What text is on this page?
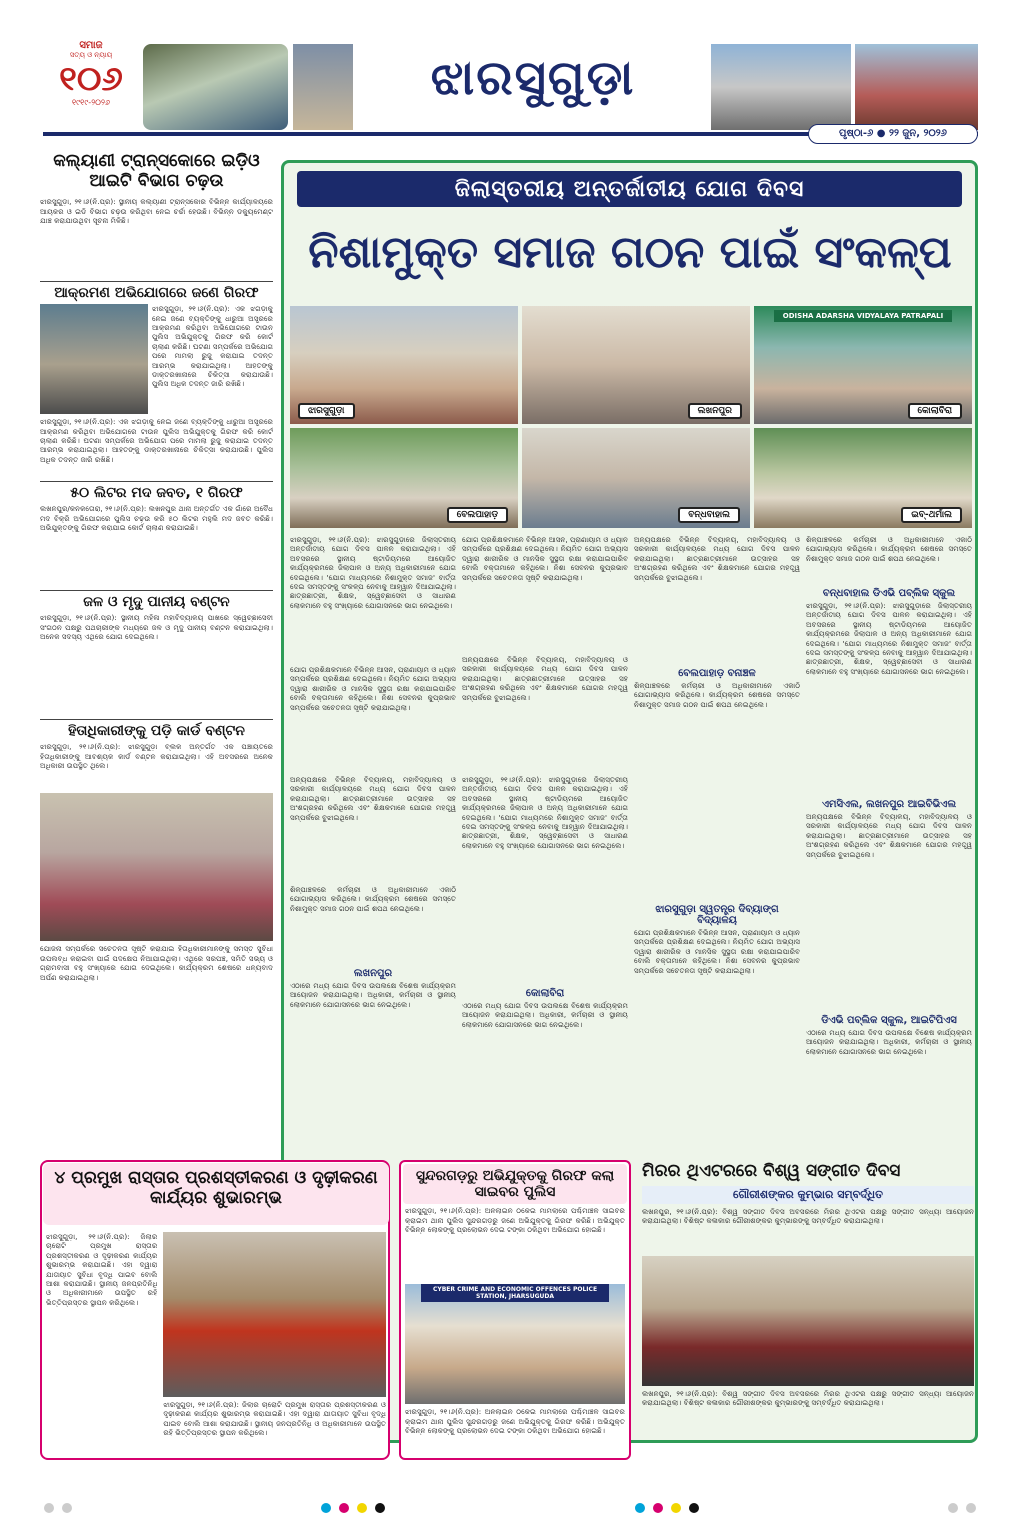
ସମାଜ
ସତ୍ୟ ଓ ନ୍ୟାୟ
୧୦୬
୧୯୧୯-୨୦୨୬	ଝାରସୁଗୁଡ଼ା
ପୃଷ୍ଠା-୬ ● ୨୨ ଜୁନ, ୨୦୨୬
କଲ୍ୟାଣୀ ଟ୍ରାନ୍ସକୋରେ ଇଡ଼ିଓ ଆଇଟି ବିଭାଗ ଚଢ଼ଉ
ଝାରସୁଗୁଡ଼ା, ୨୧।୬(ନି.ପ୍ର): ସ୍ଥାନୀୟ କଲ୍ୟାଣୀ ଟ୍ରାନ୍ସକୋର ବିଭିନ୍ନ କାର୍ଯ୍ୟାଳୟରେ ଆୟକର ଓ ଇଡି ବିଭାଗ ଚଢ଼ଉ କରିଥିବା ନେଇ ଚର୍ଚ୍ଚା ହେଉଛି। ବିଭିନ୍ନ ଡକ୍ୟୁମେଣ୍ଟ ଯାଞ୍ଚ କରାଯାଉଥିବା ସୂଚନା ମିଳିଛି।
ଆକ୍ରମଣ ଅଭିଯୋଗରେ ଜଣେ ଗିରଫ
ଝାରସୁଗୁଡ଼ା, ୨୧।୬(ନି.ପ୍ର): ଏକ ଝଗଡ଼ାକୁ ନେଇ ଜଣେ ବ୍ୟକ୍ତିଙ୍କୁ ଧାରୁଆ ଅସ୍ତ୍ରରେ ଆକ୍ରମଣ କରିଥିବା ଅଭିଯୋଗରେ ଟାଉନ ପୁଲିସ ଅଭିଯୁକ୍ତକୁ ଗିରଫ କରି କୋର୍ଟ ଚାଲାଣ କରିଛି। ଘଟଣା ସମ୍ପର୍କରେ ଅଭିଯୋଗ ପରେ ମାମଲା ରୁଜୁ କରାଯାଇ ତଦନ୍ତ ଆରମ୍ଭ କରାଯାଇଥିଲା। ଆହତଙ୍କୁ ଡାକ୍ତରଖାନାରେ ଚିକିତ୍ସା କରାଯାଉଛି। ପୁଲିସ ଅଧିକ ତଦନ୍ତ ଜାରି ରଖିଛି।
ଝାରସୁଗୁଡ଼ା, ୨୧।୬(ନି.ପ୍ର): ଏକ ଝଗଡ଼ାକୁ ନେଇ ଜଣେ ବ୍ୟକ୍ତିଙ୍କୁ ଧାରୁଆ ଅସ୍ତ୍ରରେ ଆକ୍ରମଣ କରିଥିବା ଅଭିଯୋଗରେ ଟାଉନ ପୁଲିସ ଅଭିଯୁକ୍ତକୁ ଗିରଫ କରି କୋର୍ଟ ଚାଲାଣ କରିଛି। ଘଟଣା ସମ୍ପର୍କରେ ଅଭିଯୋଗ ପରେ ମାମଲା ରୁଜୁ କରାଯାଇ ତଦନ୍ତ ଆରମ୍ଭ କରାଯାଇଥିଲା। ଆହତଙ୍କୁ ଡାକ୍ତରଖାନାରେ ଚିକିତ୍ସା କରାଯାଉଛି। ପୁଲିସ ଅଧିକ ତଦନ୍ତ ଜାରି ରଖିଛି।
୫୦ ଲିଟର ମଦ ଜବତ, ୧ ଗିରଫ
ଲଖନପୁର/କନକତୋରା, ୨୧।୬(ନି.ପ୍ର): ଲଖନପୁର ଥାନା ଅନ୍ତର୍ଗତ ଏକ ଗାଁରେ ଅବୈଧ ମଦ ବିକ୍ରି ଅଭିଯୋଗରେ ପୁଲିସ ଚଢ଼ଉ କରି ୫୦ ଲିଟର ମହୁଲି ମଦ ଜବତ କରିଛି। ଅଭିଯୁକ୍ତଙ୍କୁ ଗିରଫ କରାଯାଇ କୋର୍ଟ ଚାଲାଣ କରାଯାଇଛି।
ଜଳ ଓ ମୃଦୁ ପାନୀୟ ବଣ୍ଟନ
ଝାରସୁଗୁଡ଼ା, ୨୧।୬(ନି.ପ୍ର): ସ୍ଥାନୀୟ ମହିଳା ମହାବିଦ୍ୟାଳୟ ପାଖରେ ସ୍ୱେଚ୍ଛାସେବୀ ସଂଗଠନ ପକ୍ଷରୁ ପଥଚାରୀଙ୍କ ମଧ୍ୟରେ ଜଳ ଓ ମୃଦୁ ପାନୀୟ ବଣ୍ଟନ କରାଯାଇଥିଲା। ଅନେକ ସଦସ୍ୟ ଏଥିରେ ଯୋଗ ଦେଇଥିଲେ।
ହିତାଧିକାରୀଙ୍କୁ ପଡ଼ି କାର୍ଡ ବଣ୍ଟନ
ଝାରସୁଗୁଡ଼ା, ୨୧।୬(ନି.ପ୍ର): ଝାରସୁଗୁଡ଼ା ବ୍ଲକ ଅନ୍ତର୍ଗତ ଏକ ପଞ୍ଚାୟତରେ ହିତାଧିକାରୀଙ୍କୁ ଆବଶ୍ୟକ କାର୍ଡ ବଣ୍ଟନ କରାଯାଇଥିଲା। ଏହି ଅବସରରେ ଅନେକ ଅଧିକାରୀ ଉପସ୍ଥିତ ଥିଲେ।
ଯୋଜନା ସମ୍ପର୍କରେ ସଚେତନତା ସୃଷ୍ଟି କରାଯାଇ ହିତାଧିକାରୀମାନଙ୍କୁ ସମସ୍ତ ସୁବିଧା ଉପଲବ୍ଧ କରାଇବା ପାଇଁ ପଦକ୍ଷେପ ନିଆଯାଇଥିଲା। ଏଥିରେ ସରପଞ୍ଚ, ସମିତି ସଭ୍ୟ ଓ ଗ୍ରାମବାସୀ ବହୁ ସଂଖ୍ୟାରେ ଯୋଗ ଦେଇଥିଲେ। କାର୍ଯ୍ୟକ୍ରମ ଶେଷରେ ଧନ୍ୟବାଦ ଅର୍ପଣ କରାଯାଇଥିଲା।
ଜିଲାସ୍ତରୀୟ ଅନ୍ତର୍ଜାତୀୟ ଯୋଗ ଦିବସ
ନିଶାମୁକ୍ତ ସମାଜ ଗଠନ ପାଇଁ ସଂକଳ୍ପ
ଝାରସୁଗୁଡ଼ା	ଲଖନପୁର
ODISHA ADARSHA VIDYALAYA PATRAPALI
କୋଲାବିରା
ବେଲପାହାଡ଼	ବନ୍ଧବାହାଲ	ଇବ୍-ଥର୍ମାଲ
ଝାରସୁଗୁଡ଼ା, ୨୧।୬(ନି.ପ୍ର): ଝାରସୁଗୁଡ଼ାରେ ଜିଲାସ୍ତରୀୟ ଅନ୍ତର୍ଜାତୀୟ ଯୋଗ ଦିବସ ପାଳନ କରାଯାଇଥିଲା। ଏହି ଅବସରରେ ସ୍ଥାନୀୟ ଷ୍ଟାଡିୟମରେ ଆୟୋଜିତ କାର୍ଯ୍ୟକ୍ରମରେ ଜିଲାପାଳ ଓ ଅନ୍ୟ ଅଧିକାରୀମାନେ ଯୋଗ ଦେଇଥିଲେ। 'ଯୋଗ ମାଧ୍ୟମରେ ନିଶାମୁକ୍ତ ସମାଜ' ବାର୍ତ୍ତା ଦେଇ ସମସ୍ତଙ୍କୁ ସଂକଳ୍ପ ନେବାକୁ ଆହ୍ୱାନ ଦିଆଯାଇଥିଲା। ଛାତ୍ରଛାତ୍ରୀ, ଶିକ୍ଷକ, ସ୍ୱେଚ୍ଛାସେବୀ ଓ ସାଧାରଣ ଲୋକମାନେ ବହୁ ସଂଖ୍ୟାରେ ଯୋଗାସନରେ ଭାଗ ନେଇଥିଲେ।
ଯୋଗ ପ୍ରଶିକ୍ଷକମାନେ ବିଭିନ୍ନ ଆସନ, ପ୍ରାଣାୟାମ ଓ ଧ୍ୟାନ ସମ୍ପର୍କରେ ପ୍ରଶିକ୍ଷଣ ଦେଇଥିଲେ। ନିୟମିତ ଯୋଗ ଅଭ୍ୟାସ ଦ୍ୱାରା ଶାରୀରିକ ଓ ମାନସିକ ସୁସ୍ଥତା ରକ୍ଷା କରାଯାଇପାରିବ ବୋଲି ବକ୍ତାମାନେ କହିଥିଲେ। ନିଶା ସେବନର କୁପ୍ରଭାବ ସମ୍ପର୍କରେ ସଚେତନତା ସୃଷ୍ଟି କରାଯାଇଥିଲା।
ଅନ୍ୟପକ୍ଷରେ ବିଭିନ୍ନ ବିଦ୍ୟାଳୟ, ମହାବିଦ୍ୟାଳୟ ଓ ସରକାରୀ କାର୍ଯ୍ୟାଳୟରେ ମଧ୍ୟ ଯୋଗ ଦିବସ ପାଳନ କରାଯାଇଥିଲା। ଛାତ୍ରଛାତ୍ରୀମାନେ ଉତ୍ସାହର ସହ ଅଂଶଗ୍ରହଣ କରିଥିଲେ ଏବଂ ଶିକ୍ଷକମାନେ ଯୋଗର ମହତ୍ତ୍ୱ ସମ୍ପର୍କରେ ବୁଝାଇଥିଲେ।
ଶିଳ୍ପାଞ୍ଚଳରେ କର୍ମଚାରୀ ଓ ଅଧିକାରୀମାନେ ଏକାଠି ଯୋଗାଭ୍ୟାସ କରିଥିଲେ। କାର୍ଯ୍ୟକ୍ରମ ଶେଷରେ ସମସ୍ତେ ନିଶାମୁକ୍ତ ସମାଜ ଗଠନ ପାଇଁ ଶପଥ ନେଇଥିଲେ।
ଲଖନପୁର
ଏଠାରେ ମଧ୍ୟ ଯୋଗ ଦିବସ ଉପଲକ୍ଷେ ବିଶେଷ କାର୍ଯ୍ୟକ୍ରମ ଆୟୋଜନ କରାଯାଇଥିଲା। ଅଧିକାରୀ, କର୍ମଚାରୀ ଓ ସ୍ଥାନୀୟ ଲୋକମାନେ ଯୋଗାସନରେ ଭାଗ ନେଇଥିଲେ।
ଯୋଗ ପ୍ରଶିକ୍ଷକମାନେ ବିଭିନ୍ନ ଆସନ, ପ୍ରାଣାୟାମ ଓ ଧ୍ୟାନ ସମ୍ପର୍କରେ ପ୍ରଶିକ୍ଷଣ ଦେଇଥିଲେ। ନିୟମିତ ଯୋଗ ଅଭ୍ୟାସ ଦ୍ୱାରା ଶାରୀରିକ ଓ ମାନସିକ ସୁସ୍ଥତା ରକ୍ଷା କରାଯାଇପାରିବ ବୋଲି ବକ୍ତାମାନେ କହିଥିଲେ। ନିଶା ସେବନର କୁପ୍ରଭାବ ସମ୍ପର୍କରେ ସଚେତନତା ସୃଷ୍ଟି କରାଯାଇଥିଲା।
ଅନ୍ୟପକ୍ଷରେ ବିଭିନ୍ନ ବିଦ୍ୟାଳୟ, ମହାବିଦ୍ୟାଳୟ ଓ ସରକାରୀ କାର୍ଯ୍ୟାଳୟରେ ମଧ୍ୟ ଯୋଗ ଦିବସ ପାଳନ କରାଯାଇଥିଲା। ଛାତ୍ରଛାତ୍ରୀମାନେ ଉତ୍ସାହର ସହ ଅଂଶଗ୍ରହଣ କରିଥିଲେ ଏବଂ ଶିକ୍ଷକମାନେ ଯୋଗର ମହତ୍ତ୍ୱ ସମ୍ପର୍କରେ ବୁଝାଇଥିଲେ।
ଝାରସୁଗୁଡ଼ା, ୨୧।୬(ନି.ପ୍ର): ଝାରସୁଗୁଡ଼ାରେ ଜିଲାସ୍ତରୀୟ ଅନ୍ତର୍ଜାତୀୟ ଯୋଗ ଦିବସ ପାଳନ କରାଯାଇଥିଲା। ଏହି ଅବସରରେ ସ୍ଥାନୀୟ ଷ୍ଟାଡିୟମରେ ଆୟୋଜିତ କାର୍ଯ୍ୟକ୍ରମରେ ଜିଲାପାଳ ଓ ଅନ୍ୟ ଅଧିକାରୀମାନେ ଯୋଗ ଦେଇଥିଲେ। 'ଯୋଗ ମାଧ୍ୟମରେ ନିଶାମୁକ୍ତ ସମାଜ' ବାର୍ତ୍ତା ଦେଇ ସମସ୍ତଙ୍କୁ ସଂକଳ୍ପ ନେବାକୁ ଆହ୍ୱାନ ଦିଆଯାଇଥିଲା। ଛାତ୍ରଛାତ୍ରୀ, ଶିକ୍ଷକ, ସ୍ୱେଚ୍ଛାସେବୀ ଓ ସାଧାରଣ ଲୋକମାନେ ବହୁ ସଂଖ୍ୟାରେ ଯୋଗାସନରେ ଭାଗ ନେଇଥିଲେ।
କୋଲାବିରା
ଏଠାରେ ମଧ୍ୟ ଯୋଗ ଦିବସ ଉପଲକ୍ଷେ ବିଶେଷ କାର୍ଯ୍ୟକ୍ରମ ଆୟୋଜନ କରାଯାଇଥିଲା। ଅଧିକାରୀ, କର୍ମଚାରୀ ଓ ସ୍ଥାନୀୟ ଲୋକମାନେ ଯୋଗାସନରେ ଭାଗ ନେଇଥିଲେ।
ଅନ୍ୟପକ୍ଷରେ ବିଭିନ୍ନ ବିଦ୍ୟାଳୟ, ମହାବିଦ୍ୟାଳୟ ଓ ସରକାରୀ କାର୍ଯ୍ୟାଳୟରେ ମଧ୍ୟ ଯୋଗ ଦିବସ ପାଳନ କରାଯାଇଥିଲା। ଛାତ୍ରଛାତ୍ରୀମାନେ ଉତ୍ସାହର ସହ ଅଂଶଗ୍ରହଣ କରିଥିଲେ ଏବଂ ଶିକ୍ଷକମାନେ ଯୋଗର ମହତ୍ତ୍ୱ ସମ୍ପର୍କରେ ବୁଝାଇଥିଲେ।
ବେଲପାହାଡ଼ ବନାଞ୍ଚଳ
ଶିଳ୍ପାଞ୍ଚଳରେ କର୍ମଚାରୀ ଓ ଅଧିକାରୀମାନେ ଏକାଠି ଯୋଗାଭ୍ୟାସ କରିଥିଲେ। କାର୍ଯ୍ୟକ୍ରମ ଶେଷରେ ସମସ୍ତେ ନିଶାମୁକ୍ତ ସମାଜ ଗଠନ ପାଇଁ ଶପଥ ନେଇଥିଲେ।
ଝାରସୁଗୁଡ଼ା ସ୍ୱତନ୍ତ୍ର ଦିବ୍ୟାଙ୍ଗ ବିଦ୍ୟାଳୟ
ଯୋଗ ପ୍ରଶିକ୍ଷକମାନେ ବିଭିନ୍ନ ଆସନ, ପ୍ରାଣାୟାମ ଓ ଧ୍ୟାନ ସମ୍ପର୍କରେ ପ୍ରଶିକ୍ଷଣ ଦେଇଥିଲେ। ନିୟମିତ ଯୋଗ ଅଭ୍ୟାସ ଦ୍ୱାରା ଶାରୀରିକ ଓ ମାନସିକ ସୁସ୍ଥତା ରକ୍ଷା କରାଯାଇପାରିବ ବୋଲି ବକ୍ତାମାନେ କହିଥିଲେ। ନିଶା ସେବନର କୁପ୍ରଭାବ ସମ୍ପର୍କରେ ସଚେତନତା ସୃଷ୍ଟି କରାଯାଇଥିଲା।
ଶିଳ୍ପାଞ୍ଚଳରେ କର୍ମଚାରୀ ଓ ଅଧିକାରୀମାନେ ଏକାଠି ଯୋଗାଭ୍ୟାସ କରିଥିଲେ। କାର୍ଯ୍ୟକ୍ରମ ଶେଷରେ ସମସ୍ତେ ନିଶାମୁକ୍ତ ସମାଜ ଗଠନ ପାଇଁ ଶପଥ ନେଇଥିଲେ।
ବନ୍ଧବାହାଲ ଡିଏଭି ପବ୍ଲିକ ସ୍କୁଲ
ଝାରସୁଗୁଡ଼ା, ୨୧।୬(ନି.ପ୍ର): ଝାରସୁଗୁଡ଼ାରେ ଜିଲାସ୍ତରୀୟ ଅନ୍ତର୍ଜାତୀୟ ଯୋଗ ଦିବସ ପାଳନ କରାଯାଇଥିଲା। ଏହି ଅବସରରେ ସ୍ଥାନୀୟ ଷ୍ଟାଡିୟମରେ ଆୟୋଜିତ କାର୍ଯ୍ୟକ୍ରମରେ ଜିଲାପାଳ ଓ ଅନ୍ୟ ଅଧିକାରୀମାନେ ଯୋଗ ଦେଇଥିଲେ। 'ଯୋଗ ମାଧ୍ୟମରେ ନିଶାମୁକ୍ତ ସମାଜ' ବାର୍ତ୍ତା ଦେଇ ସମସ୍ତଙ୍କୁ ସଂକଳ୍ପ ନେବାକୁ ଆହ୍ୱାନ ଦିଆଯାଇଥିଲା। ଛାତ୍ରଛାତ୍ରୀ, ଶିକ୍ଷକ, ସ୍ୱେଚ୍ଛାସେବୀ ଓ ସାଧାରଣ ଲୋକମାନେ ବହୁ ସଂଖ୍ୟାରେ ଯୋଗାସନରେ ଭାଗ ନେଇଥିଲେ।
ଏମସିଏଲ, ଲଖନପୁର ଆଇବିଭିଏଲ
ଅନ୍ୟପକ୍ଷରେ ବିଭିନ୍ନ ବିଦ୍ୟାଳୟ, ମହାବିଦ୍ୟାଳୟ ଓ ସରକାରୀ କାର୍ଯ୍ୟାଳୟରେ ମଧ୍ୟ ଯୋଗ ଦିବସ ପାଳନ କରାଯାଇଥିଲା। ଛାତ୍ରଛାତ୍ରୀମାନେ ଉତ୍ସାହର ସହ ଅଂଶଗ୍ରହଣ କରିଥିଲେ ଏବଂ ଶିକ୍ଷକମାନେ ଯୋଗର ମହତ୍ତ୍ୱ ସମ୍ପର୍କରେ ବୁଝାଇଥିଲେ।
ଡିଏଭି ପବ୍ଲିକ ସ୍କୁଲ, ଆଇଟିପିଏସ
ଏଠାରେ ମଧ୍ୟ ଯୋଗ ଦିବସ ଉପଲକ୍ଷେ ବିଶେଷ କାର୍ଯ୍ୟକ୍ରମ ଆୟୋଜନ କରାଯାଇଥିଲା। ଅଧିକାରୀ, କର୍ମଚାରୀ ଓ ସ୍ଥାନୀୟ ଲୋକମାନେ ଯୋଗାସନରେ ଭାଗ ନେଇଥିଲେ।
୪ ପ୍ରମୁଖ ରାସ୍ତାର ପ୍ରଶସ୍ତୀକରଣ ଓ ଦୃଢ଼ୀକରଣ କାର୍ଯ୍ୟର ଶୁଭାରମ୍ଭ
ଝାରସୁଗୁଡ଼ା, ୨୧।୬(ନି.ପ୍ର): ଜିଲାର ଚାରୋଟି ପ୍ରମୁଖ ରାସ୍ତାର ପ୍ରଶସ୍ତୀକରଣ ଓ ଦୃଢ଼ୀକରଣ କାର୍ଯ୍ୟର ଶୁଭାରମ୍ଭ କରାଯାଇଛି। ଏହା ଦ୍ୱାରା ଯାତାୟାତ ସୁବିଧା ବୃଦ୍ଧି ପାଇବ ବୋଲି ଆଶା କରାଯାଉଛି। ସ୍ଥାନୀୟ ଜନପ୍ରତିନିଧି ଓ ଅଧିକାରୀମାନେ ଉପସ୍ଥିତ ରହି ଭିତ୍ତିପ୍ରସ୍ତର ସ୍ଥାପନ କରିଥିଲେ।
ଝାରସୁଗୁଡ଼ା, ୨୧।୬(ନି.ପ୍ର): ଜିଲାର ଚାରୋଟି ପ୍ରମୁଖ ରାସ୍ତାର ପ୍ରଶସ୍ତୀକରଣ ଓ ଦୃଢ଼ୀକରଣ କାର୍ଯ୍ୟର ଶୁଭାରମ୍ଭ କରାଯାଇଛି। ଏହା ଦ୍ୱାରା ଯାତାୟାତ ସୁବିଧା ବୃଦ୍ଧି ପାଇବ ବୋଲି ଆଶା କରାଯାଉଛି। ସ୍ଥାନୀୟ ଜନପ୍ରତିନିଧି ଓ ଅଧିକାରୀମାନେ ଉପସ୍ଥିତ ରହି ଭିତ୍ତିପ୍ରସ୍ତର ସ୍ଥାପନ କରିଥିଲେ।
ସୁନ୍ଦରଗଡ଼ରୁ ଅଭିଯୁକ୍ତକୁ ଗିରଫ କଲା ସାଇବର ପୁଲିସ
ଝାରସୁଗୁଡ଼ା, ୨୧।୬(ନି.ପ୍ର): ଅନଲାଇନ ଠକେଇ ମାମଲାରେ ପଶ୍ଚିମାଞ୍ଚଳ ସାଇବର କ୍ରାଇମ ଥାନା ପୁଲିସ ସୁନ୍ଦରଗଡ଼ରୁ ଜଣେ ଅଭିଯୁକ୍ତକୁ ଗିରଫ କରିଛି। ଅଭିଯୁକ୍ତ ବିଭିନ୍ନ ଲୋକଙ୍କୁ ପ୍ରଲୋଭନ ଦେଇ ଟଙ୍କା ଠକିଥିବା ଅଭିଯୋଗ ହୋଇଛି।
CYBER CRIME AND ECONOMIC OFFENCES POLICE STATION, JHARSUGUDA
ଝାରସୁଗୁଡ଼ା, ୨୧।୬(ନି.ପ୍ର): ଅନଲାଇନ ଠକେଇ ମାମଲାରେ ପଶ୍ଚିମାଞ୍ଚଳ ସାଇବର କ୍ରାଇମ ଥାନା ପୁଲିସ ସୁନ୍ଦରଗଡ଼ରୁ ଜଣେ ଅଭିଯୁକ୍ତକୁ ଗିରଫ କରିଛି। ଅଭିଯୁକ୍ତ ବିଭିନ୍ନ ଲୋକଙ୍କୁ ପ୍ରଲୋଭନ ଦେଇ ଟଙ୍କା ଠକିଥିବା ଅଭିଯୋଗ ହୋଇଛି।
ମିରର ଥିଏଟରରେ ବିଶ୍ୱ ସଙ୍ଗୀତ ଦିବସ
ଗୌରୀଶଙ୍କର କୁମ୍ଭାର ସମ୍ବର୍ଦ୍ଧିତ
ଲଖନପୁର, ୨୧।୬(ନି.ପ୍ର): ବିଶ୍ୱ ସଙ୍ଗୀତ ଦିବସ ଅବସରରେ ମିରର ଥିଏଟର ପକ୍ଷରୁ ସଙ୍ଗୀତ ସନ୍ଧ୍ୟା ଆୟୋଜନ କରାଯାଇଥିଲା। ବିଶିଷ୍ଟ କଳାକାର ଗୌରୀଶଙ୍କର କୁମ୍ଭାରଙ୍କୁ ସମ୍ବର୍ଦ୍ଧିତ କରାଯାଇଥିଲା।
ଲଖନପୁର, ୨୧।୬(ନି.ପ୍ର): ବିଶ୍ୱ ସଙ୍ଗୀତ ଦିବସ ଅବସରରେ ମିରର ଥିଏଟର ପକ୍ଷରୁ ସଙ୍ଗୀତ ସନ୍ଧ୍ୟା ଆୟୋଜନ କରାଯାଇଥିଲା। ବିଶିଷ୍ଟ କଳାକାର ଗୌରୀଶଙ୍କର କୁମ୍ଭାରଙ୍କୁ ସମ୍ବର୍ଦ୍ଧିତ କରାଯାଇଥିଲା।
